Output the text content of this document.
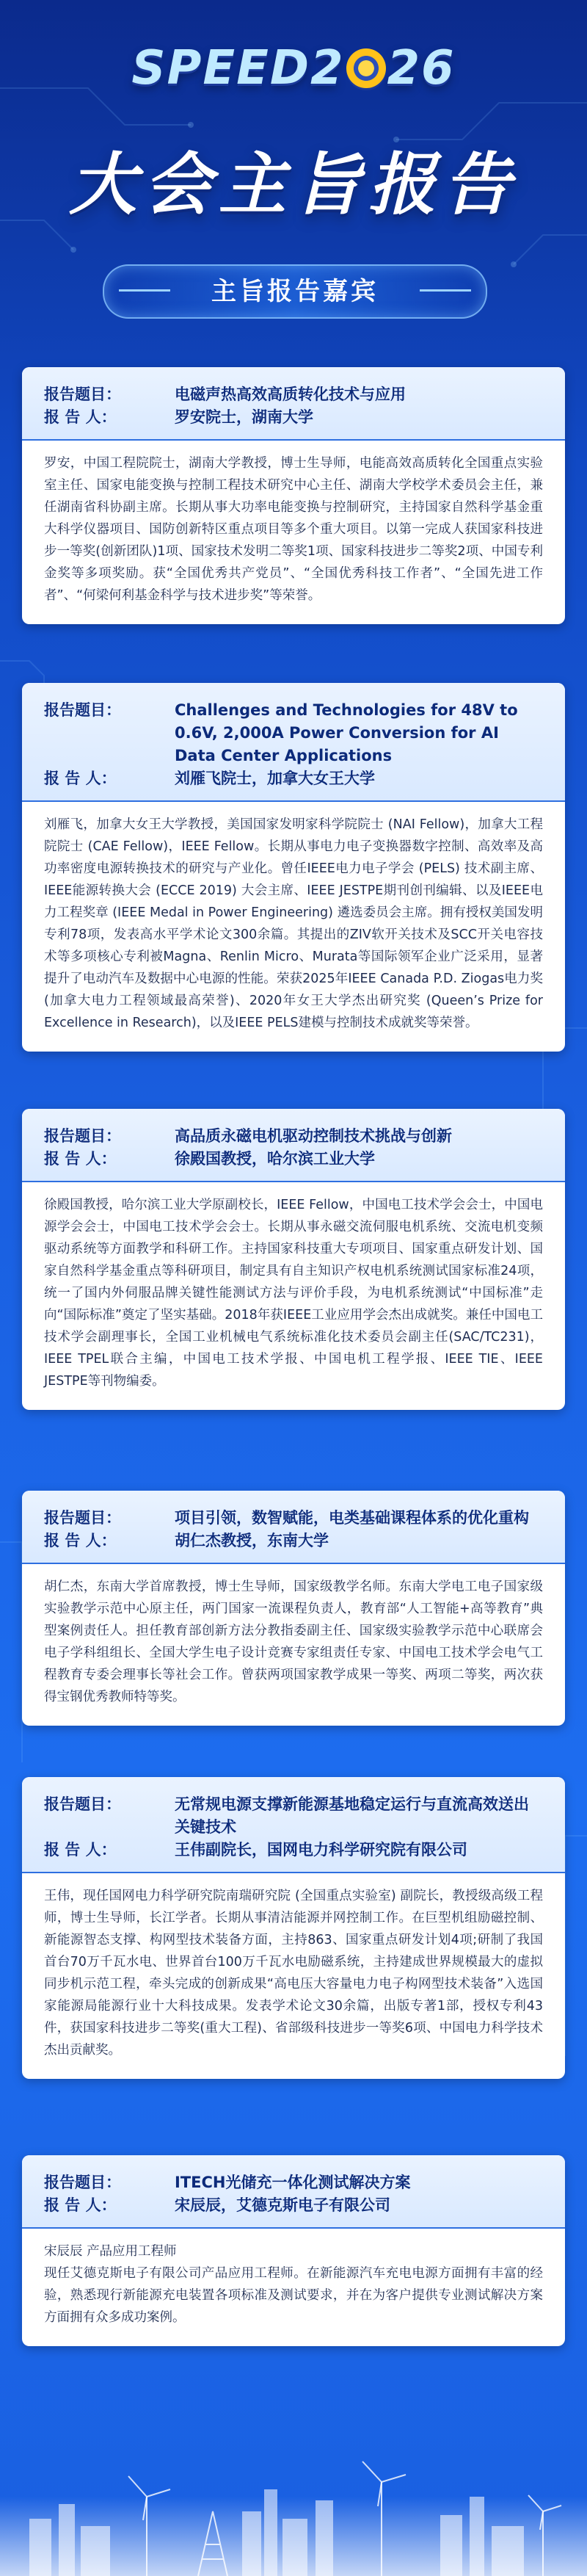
SPEED2 26
大会主旨报告
主旨报告嘉宾
报告题目：	电磁声热高效高质转化技术与应用
报 告 人：	罗安院士，湖南大学

罗安，中国工程院院士，湖南大学教授，博士生导师，电能高效高质转化全国重点实验室主任、国家电能变换与控制工程技术研究中心主任、湖南大学校学术委员会主任，兼任湖南省科协副主席。长期从事大功率电能变换与控制研究，主持国家自然科学基金重大科学仪器项目、国防创新特区重点项目等多个重大项目。以第一完成人获国家科技进步一等奖(创新团队)1项、国家技术发明二等奖1项、国家科技进步二等奖2项、中国专利金奖等多项奖励。获“全国优秀共产党员”、“全国优秀科技工作者”、“全国先进工作者”、“何梁何利基金科学与技术进步奖”等荣誉。

报告题目：	Challenges and Technologies for 48V to 0.6V, 2,000A Power Conversion for AI Data Center Applications
报 告 人：	刘雁飞院士，加拿大女王大学

刘雁飞，加拿大女王大学教授，美国国家发明家科学院院士 (NAI Fellow)，加拿大工程院院士 (CAE Fellow)，IEEE Fellow。长期从事电力电子变换器数字控制、高效率及高功率密度电源转换技术的研究与产业化。曾任IEEE电力电子学会 (PELS) 技术副主席、IEEE能源转换大会 (ECCE 2019) 大会主席、IEEE JESTPE期刊创刊编辑、以及IEEE电力工程奖章 (IEEE Medal in Power Engineering) 遴选委员会主席。拥有授权美国发明专利78项，发表高水平学术论文300余篇。其提出的ZIV软开关技术及SCC开关电容技术等多项核心专利被Magna、Renlin Micro、Murata等国际领军企业广泛采用，显著提升了电动汽车及数据中心电源的性能。荣获2025年IEEE Canada P.D. Ziogas电力奖 (加拿大电力工程领域最高荣誉)、2020年女王大学杰出研究奖 (Queen’s Prize for Excellence in Research)，以及IEEE PELS建模与控制技术成就奖等荣誉。

报告题目：	高品质永磁电机驱动控制技术挑战与创新
报 告 人：	徐殿国教授，哈尔滨工业大学

徐殿国教授，哈尔滨工业大学原副校长，IEEE Fellow，中国电工技术学会会士，中国电源学会会士，中国电工技术学会会士。长期从事永磁交流伺服电机系统、交流电机变频驱动系统等方面教学和科研工作。主持国家科技重大专项项目、国家重点研发计划、国家自然科学基金重点等科研项目，制定具有自主知识产权电机系统测试国家标准24项，统一了国内外伺服品牌关键性能测试方法与评价手段，为电机系统测试“中国标准”走向“国际标准”奠定了坚实基础。2018年获IEEE工业应用学会杰出成就奖。兼任中国电工技术学会副理事长，全国工业机械电气系统标准化技术委员会副主任(SAC/TC231)，IEEE TPEL联合主编，中国电工技术学报、中国电机工程学报、IEEE TIE、IEEE JESTPE等刊物编委。

报告题目：	项目引领，数智赋能，电类基础课程体系的优化重构
报 告 人：	胡仁杰教授，东南大学

胡仁杰，东南大学首席教授，博士生导师，国家级教学名师。东南大学电工电子国家级实验教学示范中心原主任，两门国家一流课程负责人，教育部“人工智能+高等教育”典型案例责任人。担任教育部创新方法分教指委副主任、国家级实验教学示范中心联席会电子学科组组长、全国大学生电子设计竞赛专家组责任专家、中国电工技术学会电气工程教育专委会理事长等社会工作。曾获两项国家教学成果一等奖、两项二等奖，两次获得宝钢优秀教师特等奖。

报告题目：	无常规电源支撑新能源基地稳定运行与直流高效送出关键技术
报 告 人：	王伟副院长，国网电力科学研究院有限公司

王伟，现任国网电力科学研究院南瑞研究院 (全国重点实验室) 副院长，教授级高级工程师，博士生导师，长江学者。长期从事清洁能源并网控制工作。在巨型机组励磁控制、新能源智态支撑、构网型技术装备方面，主持863、国家重点研发计划4项;研制了我国首台70万千瓦水电、世界首台100万千瓦水电励磁系统，主持建成世界规模最大的虚拟同步机示范工程，牵头完成的创新成果“高电压大容量电力电子构网型技术装备”入选国家能源局能源行业十大科技成果。发表学术论文30余篇，出版专著1部，授权专利43件，获国家科技进步二等奖(重大工程)、省部级科技进步一等奖6项、中国电力科学技术杰出贡献奖。

报告题目：	ITECH光储充一体化测试解决方案
报 告 人：	宋辰辰，艾德克斯电子有限公司

宋辰辰 产品应用工程师

现任艾德克斯电子有限公司产品应用工程师。在新能源汽车充电电源方面拥有丰富的经验，熟悉现行新能源充电装置各项标准及测试要求，并在为客户提供专业测试解决方案方面拥有众多成功案例。
